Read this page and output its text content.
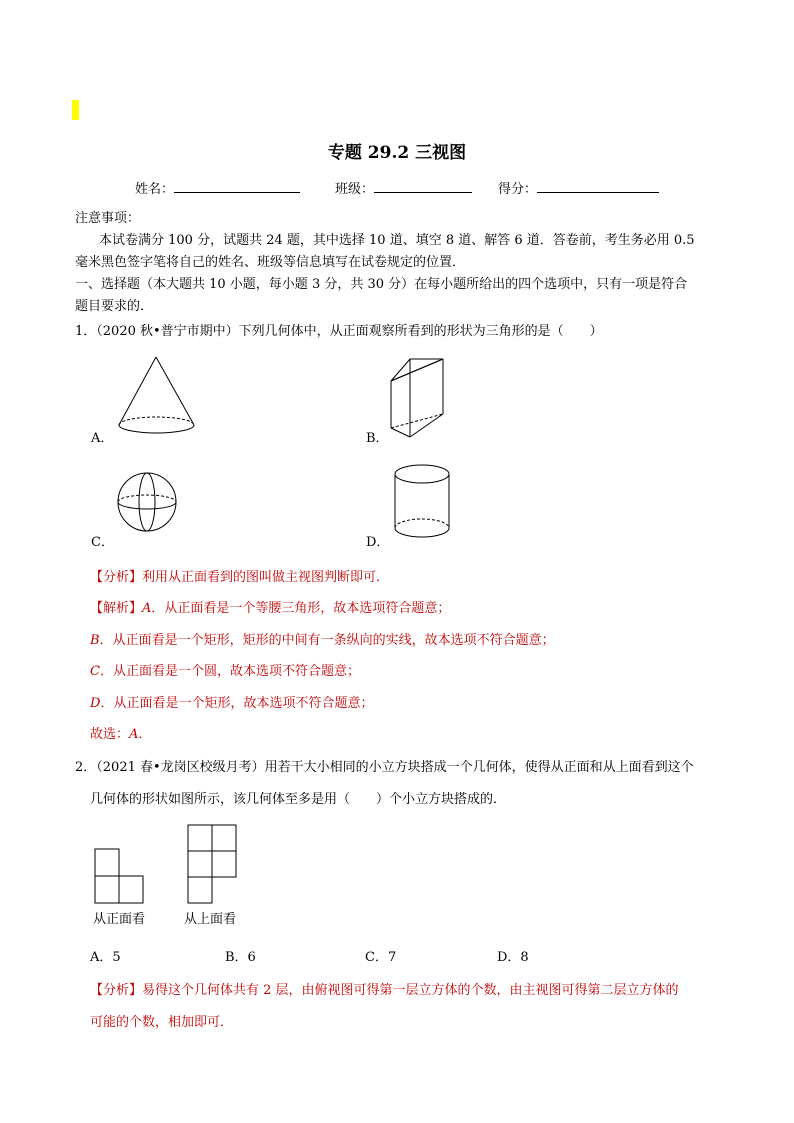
专题 29.2 三视图
姓名：	班级：	得分：
注意事项：
本试卷满分 100 分，试题共 24 题，其中选择 10 道、填空 8 道、解答 6 道．答卷前，考生务必用 0.5
毫米黑色签字笔将自己的姓名、班级等信息填写在试卷规定的位置．
一、选择题（本大题共 10 小题，每小题 3 分，共 30 分）在每小题所给出的四个选项中，只有一项是符合
题目要求的．
1．（2020 秋•普宁市期中）下列几何体中，从正面观察所看到的形状为三角形的是（　　）
A．	B．
C．	D．
【分析】利用从正面看到的图叫做主视图判断即可．
【解析】A．从正面看是一个等腰三角形，故本选项符合题意；
B．从正面看是一个矩形，矩形的中间有一条纵向的实线，故本选项不符合题意；
C．从正面看是一个圆，故本选项不符合题意；
D．从正面看是一个矩形，故本选项不符合题意；
故选：A．
2．（2021 春•龙岗区校级月考）用若干大小相同的小立方块搭成一个几何体，使得从正面和从上面看到这个
几何体的形状如图所示，该几何体至多是用（　　）个小立方块搭成的．
从正面看	从上面看
A．5	B．6	C．7	D．8
【分析】易得这个几何体共有 2 层，由俯视图可得第一层立方体的个数，由主视图可得第二层立方体的
可能的个数，相加即可．
